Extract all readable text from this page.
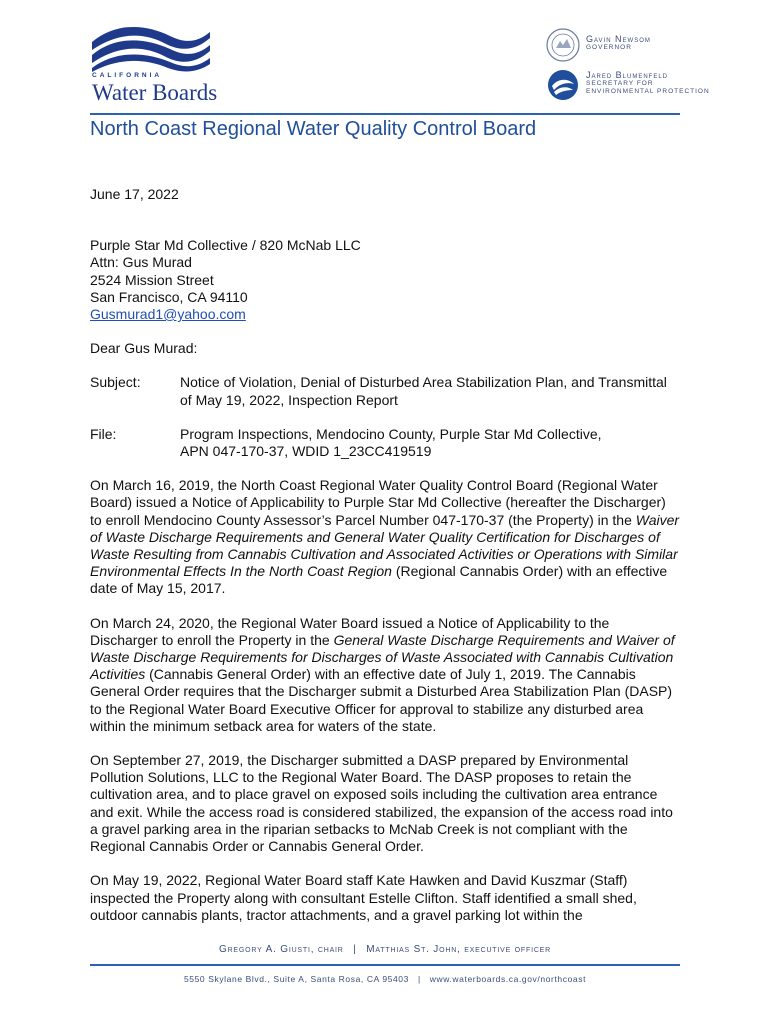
CALIFORNIA
Water Boards
Gavin Newsom
GOVERNOR
Jared Blumenfeld
SECRETARY FOR
ENVIRONMENTAL PROTECTION
North Coast Regional Water Quality Control Board

June 17, 2022

Purple Star Md Collective / 820 McNab LLC

Attn: Gus Murad

2524 Mission Street

San Francisco, CA 94110

Gusmurad1@yahoo.com

Dear Gus Murad:

Subject:	Notice of Violation, Denial of Disturbed Area Stabilization Plan, and Transmittal of May 19, 2022, Inspection Report
File:	Program Inspections, Mendocino County, Purple Star Md Collective,
APN 047-170-37, WDID 1_23CC419519

On March 16, 2019, the North Coast Regional Water Quality Control Board (Regional Water Board) issued a Notice of Applicability to Purple Star Md Collective (hereafter the Discharger) to enroll Mendocino County Assessor’s Parcel Number 047-170-37 (the Property) in the Waiver of Waste Discharge Requirements and General Water Quality Certification for Discharges of Waste Resulting from Cannabis Cultivation and Associated Activities or Operations with Similar Environmental Effects In the North Coast Region (Regional Cannabis Order) with an effective date of May 15, 2017.

On March 24, 2020, the Regional Water Board issued a Notice of Applicability to the Discharger to enroll the Property in the General Waste Discharge Requirements and Waiver of Waste Discharge Requirements for Discharges of Waste Associated with Cannabis Cultivation Activities (Cannabis General Order) with an effective date of July 1, 2019. The Cannabis General Order requires that the Discharger submit a Disturbed Area Stabilization Plan (DASP) to the Regional Water Board Executive Officer for approval to stabilize any disturbed area within the minimum setback area for waters of the state.

On September 27, 2019, the Discharger submitted a DASP prepared by Environmental Pollution Solutions, LLC to the Regional Water Board. The DASP proposes to retain the cultivation area, and to place gravel on exposed soils including the cultivation area entrance and exit. While the access road is considered stabilized, the expansion of the access road into a gravel parking area in the riparian setbacks to McNab Creek is not compliant with the Regional Cannabis Order or Cannabis General Order.

On May 19, 2022, Regional Water Board staff Kate Hawken and David Kuszmar (Staff) inspected the Property along with consultant Estelle Clifton. Staff identified a small shed, outdoor cannabis plants, tractor attachments, and a gravel parking lot within the

Gregory A. Giusti, chair | Matthias St. John, executive officer
5550 Skylane Blvd., Suite A, Santa Rosa, CA 95403 | www.waterboards.ca.gov/northcoast
